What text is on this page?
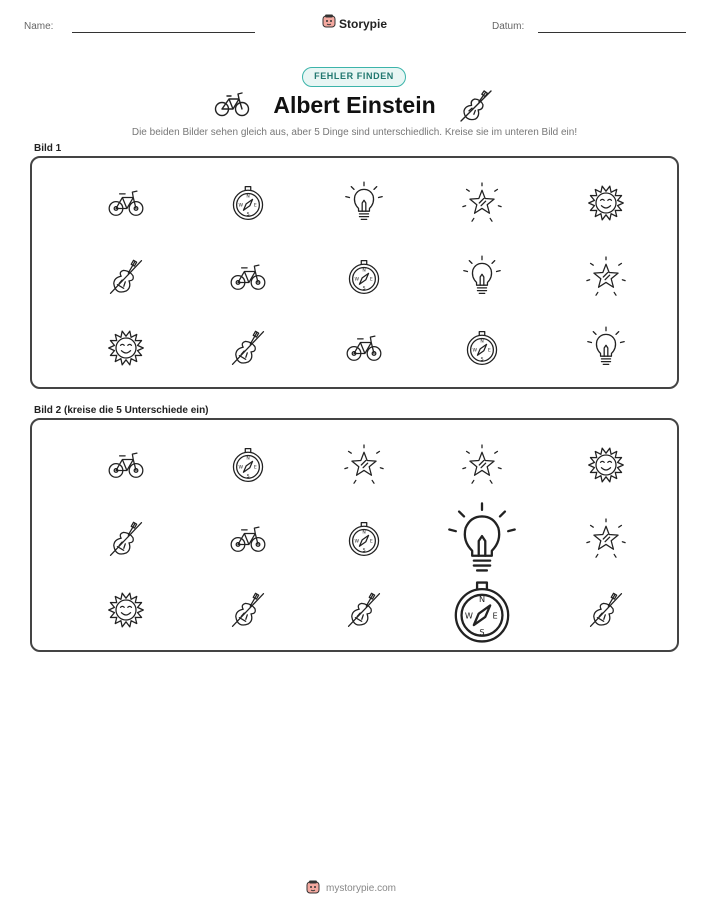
Name:	Storypie	Datum:
FEHLER FINDEN
Albert Einstein
Die beiden Bilder sehen gleich aus, aber 5 Dinge sind unterschiedlich. Kreise sie im unteren Bild ein!
Bild 1
N
S
W E
N
S
W E
N
S
W E
Bild 2 (kreise die 5 Unterschiede ein)
N
S
W E
N
S
W E
N
S
W	E
mystorypie.com
